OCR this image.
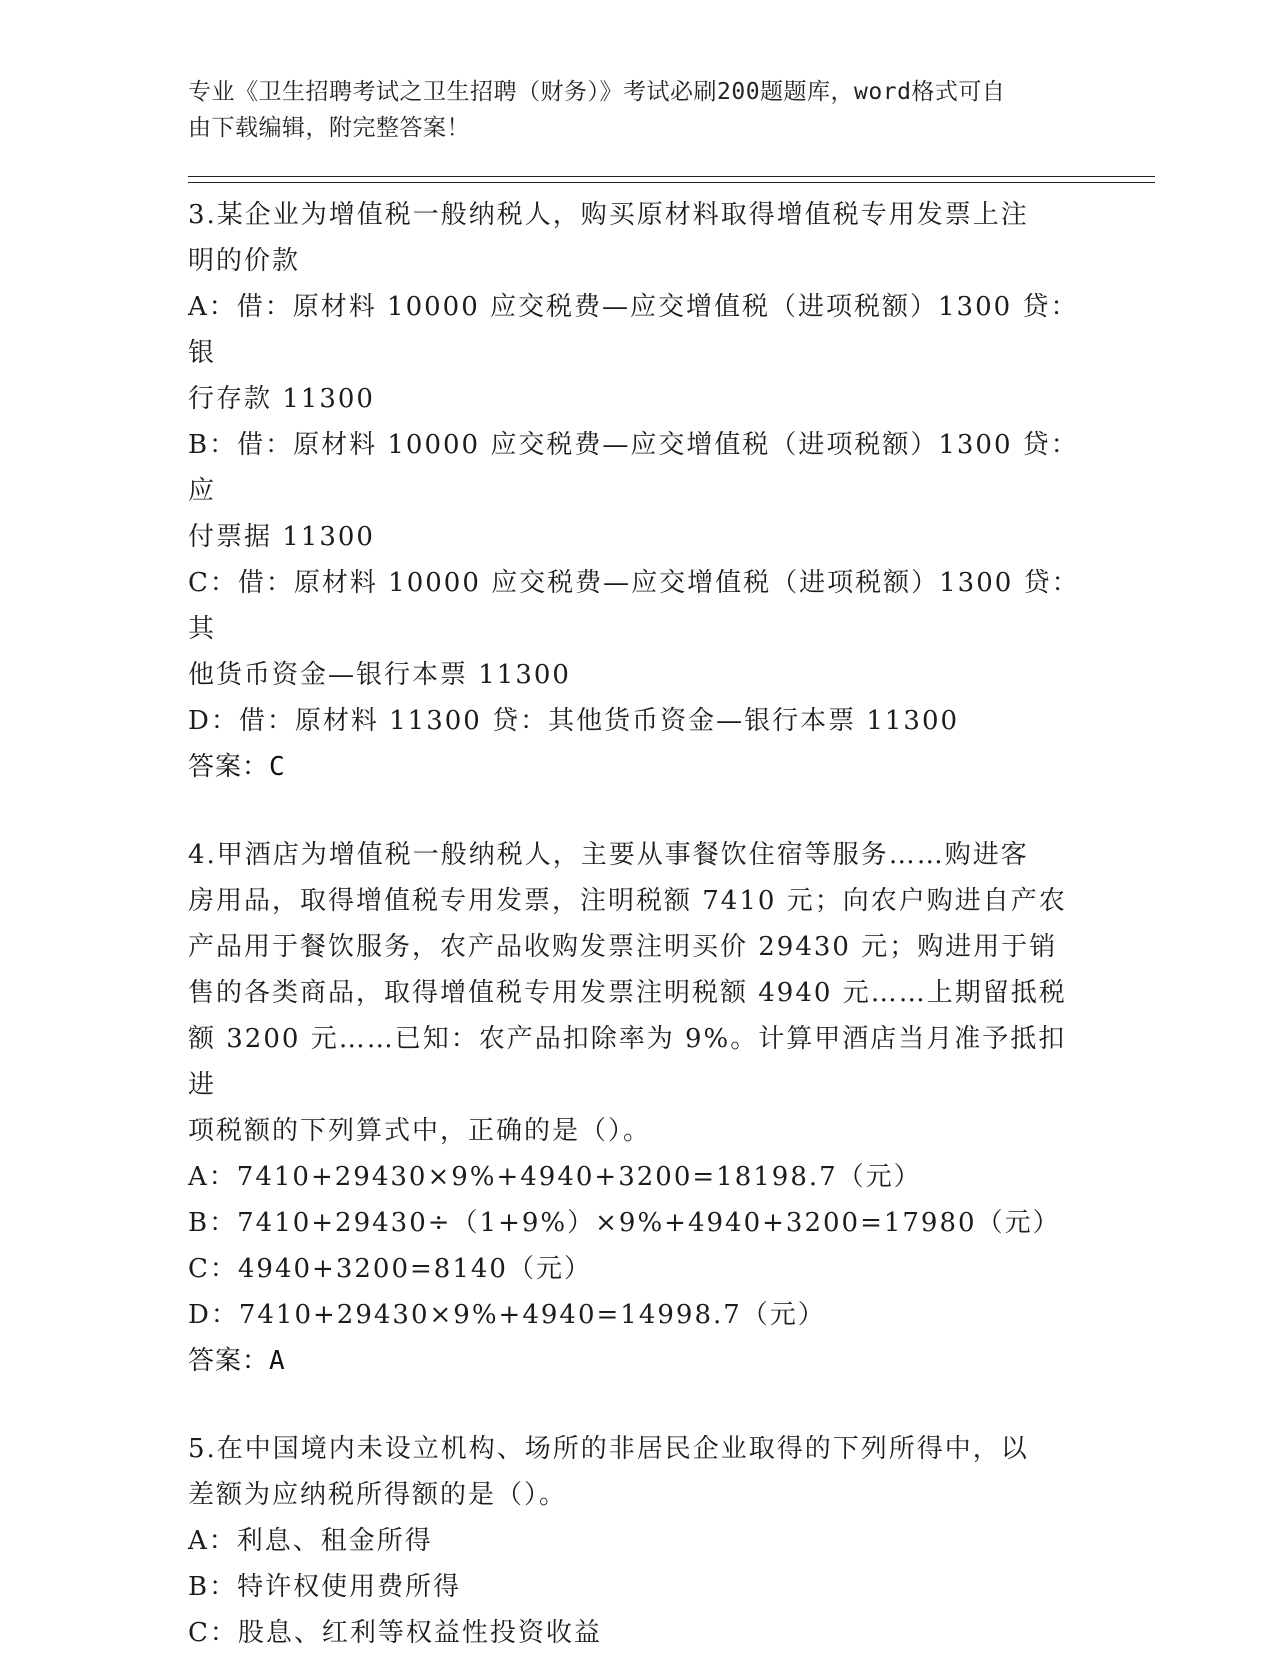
专业《卫生招聘考试之卫生招聘（财务）》考试必刷200题题库，word格式可自
由下载编辑，附完整答案！
3.某企业为增值税一般纳税人，购买原材料取得增值税专用发票上注
明的价款
A：借：原材料 10000 应交税费—应交增值税（进项税额）1300 贷：银
行存款 11300
B：借：原材料 10000 应交税费—应交增值税（进项税额）1300 贷：应
付票据 11300
C：借：原材料 10000 应交税费—应交增值税（进项税额）1300 贷：其
他货币资金—银行本票 11300
D：借：原材料 11300 贷：其他货币资金—银行本票 11300
答案：C
4.甲酒店为增值税一般纳税人，主要从事餐饮住宿等服务……购进客
房用品，取得增值税专用发票，注明税额 7410 元；向农户购进自产农
产品用于餐饮服务，农产品收购发票注明买价 29430 元；购进用于销
售的各类商品，取得增值税专用发票注明税额 4940 元……上期留抵税
额 3200 元……已知：农产品扣除率为 9%。计算甲酒店当月准予抵扣进
项税额的下列算式中，正确的是（）。
A：7410+29430×9%+4940+3200=18198.7（元）
B：7410+29430÷（1+9%）×9%+4940+3200=17980（元）
C：4940+3200=8140（元）
D：7410+29430×9%+4940=14998.7（元）
答案：A
5.在中国境内未设立机构、场所的非居民企业取得的下列所得中，以
差额为应纳税所得额的是（）。
A：利息、租金所得
B：特许权使用费所得
C：股息、红利等权益性投资收益
